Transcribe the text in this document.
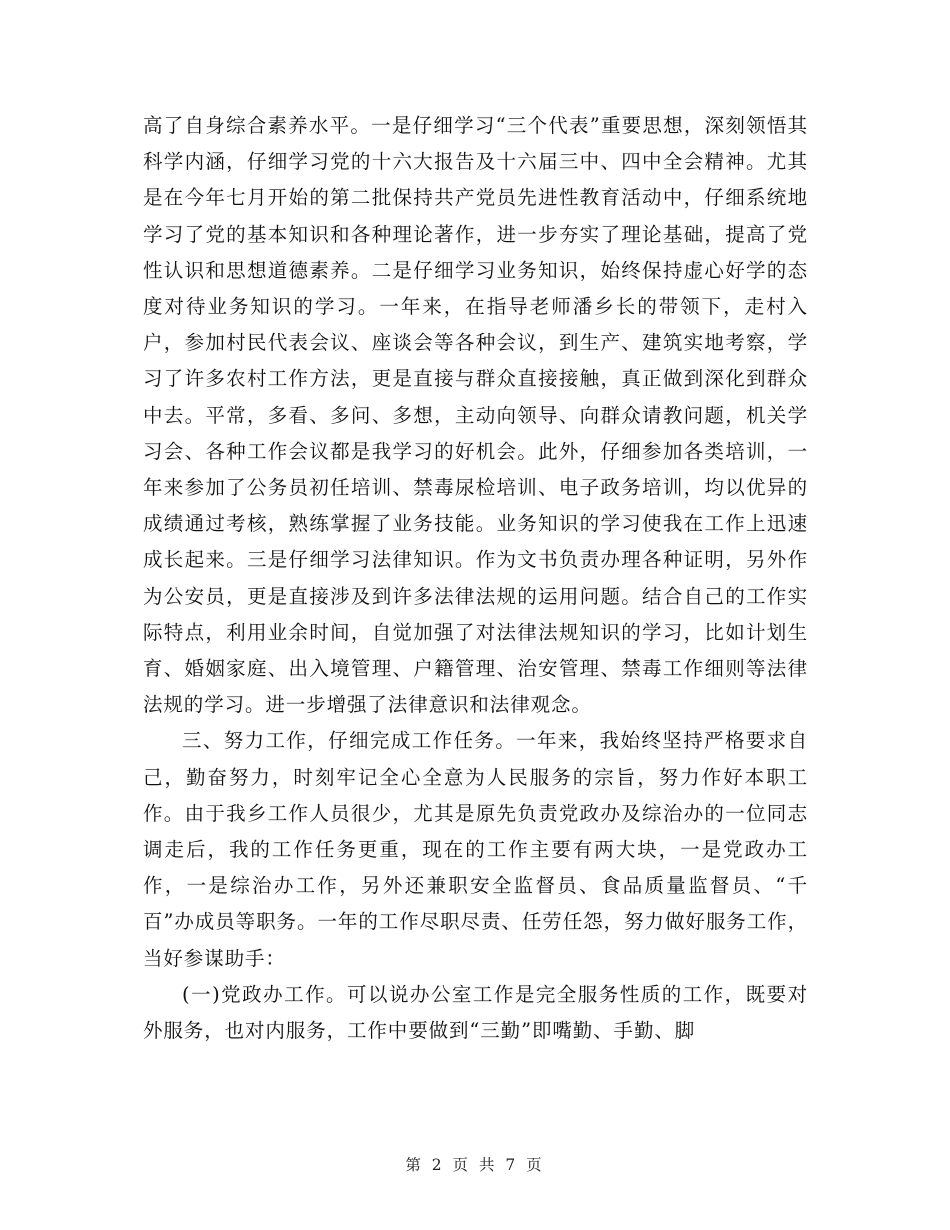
高了自身综合素养水平。一是仔细学习“三个代表”重要思想，深刻领悟其科学内涵，仔细学习党的十六大报告及十六届三中、四中全会精神。尤其是在今年七月开始的第二批保持共产党员先进性教育活动中，仔细系统地学习了党的基本知识和各种理论著作，进一步夯实了理论基础，提高了党性认识和思想道德素养。二是仔细学习业务知识，始终保持虚心好学的态度对待业务知识的学习。一年来，在指导老师潘乡长的带领下，走村入户，参加村民代表会议、座谈会等各种会议，到生产、建筑实地考察，学习了许多农村工作方法，更是直接与群众直接接触，真正做到深化到群众中去。平常，多看、多问、多想，主动向领导、向群众请教问题，机关学习会、各种工作会议都是我学习的好机会。此外，仔细参加各类培训，一年来参加了公务员初任培训、禁毒尿检培训、电子政务培训，均以优异的成绩通过考核，熟练掌握了业务技能。业务知识的学习使我在工作上迅速成长起来。三是仔细学习法律知识。作为文书负责办理各种证明，另外作为公安员，更是直接涉及到许多法律法规的运用问题。结合自己的工作实际特点，利用业余时间，自觉加强了对法律法规知识的学习，比如计划生育、婚姻家庭、出入境管理、户籍管理、治安管理、禁毒工作细则等法律法规的学习。进一步增强了法律意识和法律观念。

三、努力工作，仔细完成工作任务。一年来，我始终坚持严格要求自己，勤奋努力，时刻牢记全心全意为人民服务的宗旨，努力作好本职工作。由于我乡工作人员很少，尤其是原先负责党政办及综治办的一位同志调走后，我的工作任务更重，现在的工作主要有两大块，一是党政办工作，一是综治办工作，另外还兼职安全监督员、食品质量监督员、“千百”办成员等职务。一年的工作尽职尽责、任劳任怨，努力做好服务工作，当好参谋助手：

(一)党政办工作。可以说办公室工作是完全服务性质的工作，既要对外服务，也对内服务，工作中要做到“三勤”即嘴勤、手勤、脚

第 2 页 共 7 页
